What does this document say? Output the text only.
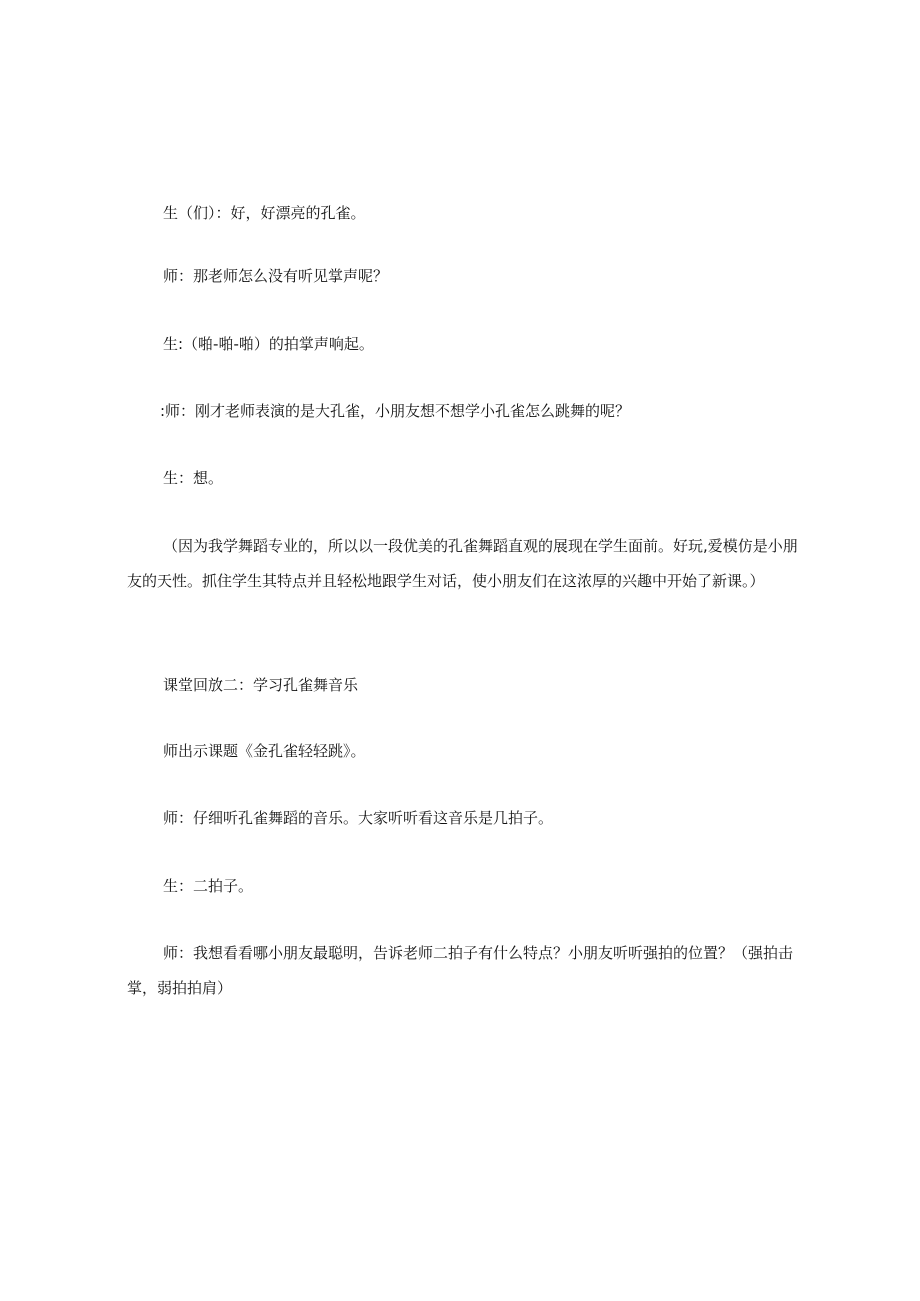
生（们）：好，好漂亮的孔雀。
师：那老师怎么没有听见掌声呢？
生:（啪-啪-啪）的拍掌声响起。
:师：刚才老师表演的是大孔雀，小朋友想不想学小孔雀怎么跳舞的呢？
生：想。
（因为我学舞蹈专业的，所以以一段优美的孔雀舞蹈直观的展现在学生面前。好玩,爱模仿是小朋友的天性。抓住学生其特点并且轻松地跟学生对话，使小朋友们在这浓厚的兴趣中开始了新课。）
课堂回放二：学习孔雀舞音乐
师出示课题《金孔雀轻轻跳》。
师：仔细听孔雀舞蹈的音乐。大家听听看这音乐是几拍子。
生：二拍子。
师：我想看看哪小朋友最聪明，告诉老师二拍子有什么特点？小朋友听听强拍的位置？（强拍击掌，弱拍拍肩）
